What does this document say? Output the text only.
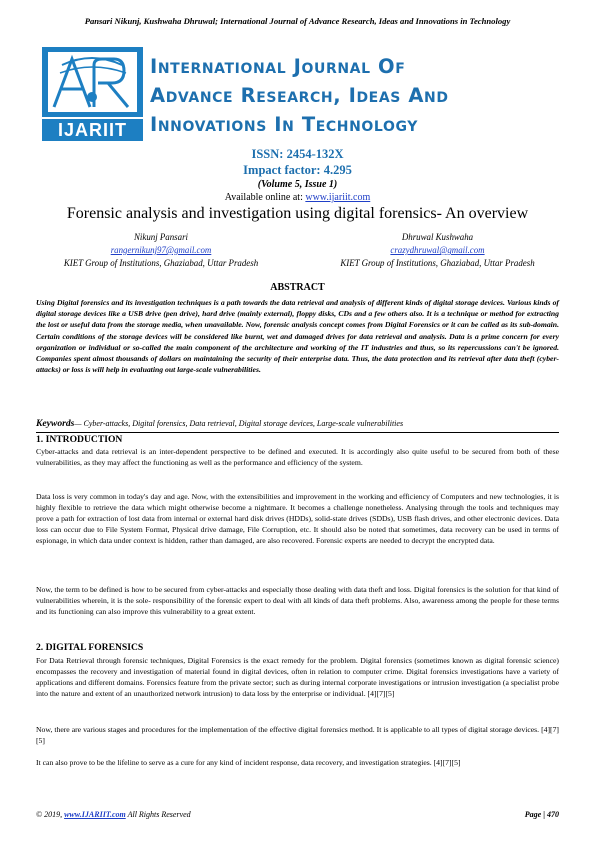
Pansari Nikunj, Kushwaha Dhruwal; International Journal of Advance Research, Ideas and Innovations in Technology
IJARIIT
International Journal Of
Advance Research, Ideas And
Innovations In Technology
ISSN: 2454-132X
Impact factor: 4.295
(Volume 5, Issue 1)
Available online at: www.ijariit.com
Forensic analysis and investigation using digital forensics- An overview
Nikunj Pansari
rangernikunj97@gmail.com
KIET Group of Institutions, Ghaziabad, Uttar Pradesh
Dhruwal Kushwaha
crazydhruwal@gmail.com
KIET Group of Institutions, Ghaziabad, Uttar Pradesh
ABSTRACT

Using Digital forensics and its investigation techniques is a path towards the data retrieval and analysis of different kinds of digital storage devices. Various kinds of digital storage devices like a USB drive (pen drive), hard drive (mainly external), floppy disks, CDs and a few others also. It is a technique or method for extracting the lost or useful data from the storage media, when unavailable. Now, forensic analysis concept comes from Digital Forensics or it can be called as its sub-domain. Certain conditions of the storage devices will be considered like burnt, wet and damaged drives for data retrieval and analysis. Data is a prime concern for every organization or individual or so-called the main component of the architecture and working of the IT industries and thus, so its repercussions can't be ignored. Companies spent almost thousands of dollars on maintaining the security of their enterprise data. Thus, the data protection and its retrieval after data theft (cyber-attacks) or loss is will help in evaluating out large-scale vulnerabilities.

Keywords— Cyber-attacks, Digital forensics, Data retrieval, Digital storage devices, Large-scale vulnerabilities
1. INTRODUCTION

Cyber-attacks and data retrieval is an inter-dependent perspective to be defined and executed. It is accordingly also quite useful to be secured from both of these vulnerabilities, as they may affect the functioning as well as the performance and efficiency of the system.

Data loss is very common in today's day and age. Now, with the extensibilities and improvement in the working and efficiency of Computers and new technologies, it is highly flexible to retrieve the data which might otherwise become a nightmare. It becomes a challenge nonetheless. Analysing through the tools and techniques may prove a path for extraction of lost data from internal or external hard disk drives (HDDs), solid-state drives (SDDs), USB flash drives, and other electronic devices. Data loss can occur due to File System Format, Physical drive damage, File Corruption, etc. It should also be noted that sometimes, data recovery can be used in terms of espionage, in which data under context is hidden, rather than damaged, are also recovered. Forensic experts are needed to decrypt the encrypted data.

Now, the term to be defined is how to be secured from cyber-attacks and especially those dealing with data theft and loss. Digital forensics is the solution for that kind of vulnerabilities wherein, it is the sole- responsibility of the forensic expert to deal with all kinds of data theft problems. Also, awareness among the people for these terms and its functioning can also improve this vulnerability to a great extent.

2. DIGITAL FORENSICS

For Data Retrieval through forensic techniques, Digital Forensics is the exact remedy for the problem. Digital forensics (sometimes known as digital forensic science) encompasses the recovery and investigation of material found in digital devices, often in relation to computer crime. Digital forensics investigations have a variety of applications and different domains. Forensics feature from the private sector; such as during internal corporate investigations or intrusion investigation (a specialist probe into the nature and extent of an unauthorized network intrusion) to data loss by the enterprise or individual. [4][7][5]

Now, there are various stages and procedures for the implementation of the effective digital forensics method. It is applicable to all types of digital storage devices. [4][7][5]

It can also prove to be the lifeline to serve as a cure for any kind of incident response, data recovery, and investigation strategies. [4][7][5]

© 2019, www.IJARIIT.com All Rights Reserved	Page | 470
